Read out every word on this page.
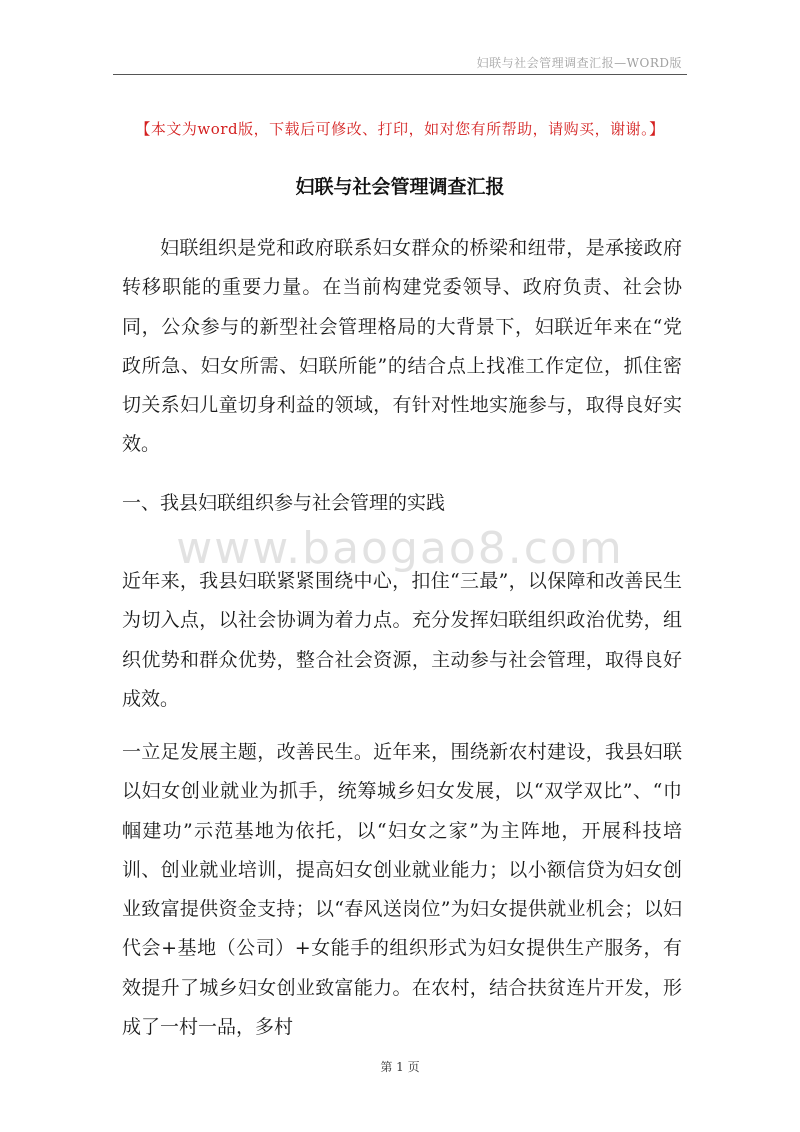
妇联与社会管理调查汇报—WORD版
【本文为word版，下载后可修改、打印，如对您有所帮助，请购买，谢谢。】
妇联与社会管理调查汇报

妇联组织是党和政府联系妇女群众的桥梁和纽带，是承接政府转移职能的重要力量。在当前构建党委领导、政府负责、社会协同，公众参与的新型社会管理格局的大背景下，妇联近年来在“党政所急、妇女所需、妇联所能”的结合点上找准工作定位，抓住密切关系妇儿童切身利益的领域，有针对性地实施参与，取得良好实效。

一、我县妇联组织参与社会管理的实践

www.baogao8.com

近年来，我县妇联紧紧围绕中心，扣住“三最”，以保障和改善民生为切入点，以社会协调为着力点。充分发挥妇联组织政治优势，组织优势和群众优势，整合社会资源，主动参与社会管理，取得良好成效。

一立足发展主题，改善民生。近年来，围绕新农村建设，我县妇联以妇女创业就业为抓手，统筹城乡妇女发展，以“双学双比”、“巾帼建功”示范基地为依托，以“妇女之家”为主阵地，开展科技培训、创业就业培训，提高妇女创业就业能力；以小额信贷为妇女创业致富提供资金支持；以“春风送岗位”为妇女提供就业机会；以妇代会+基地（公司）+女能手的组织形式为妇女提供生产服务，有效提升了城乡妇女创业致富能力。在农村，结合扶贫连片开发，形成了一村一品，多村

第 1 页
